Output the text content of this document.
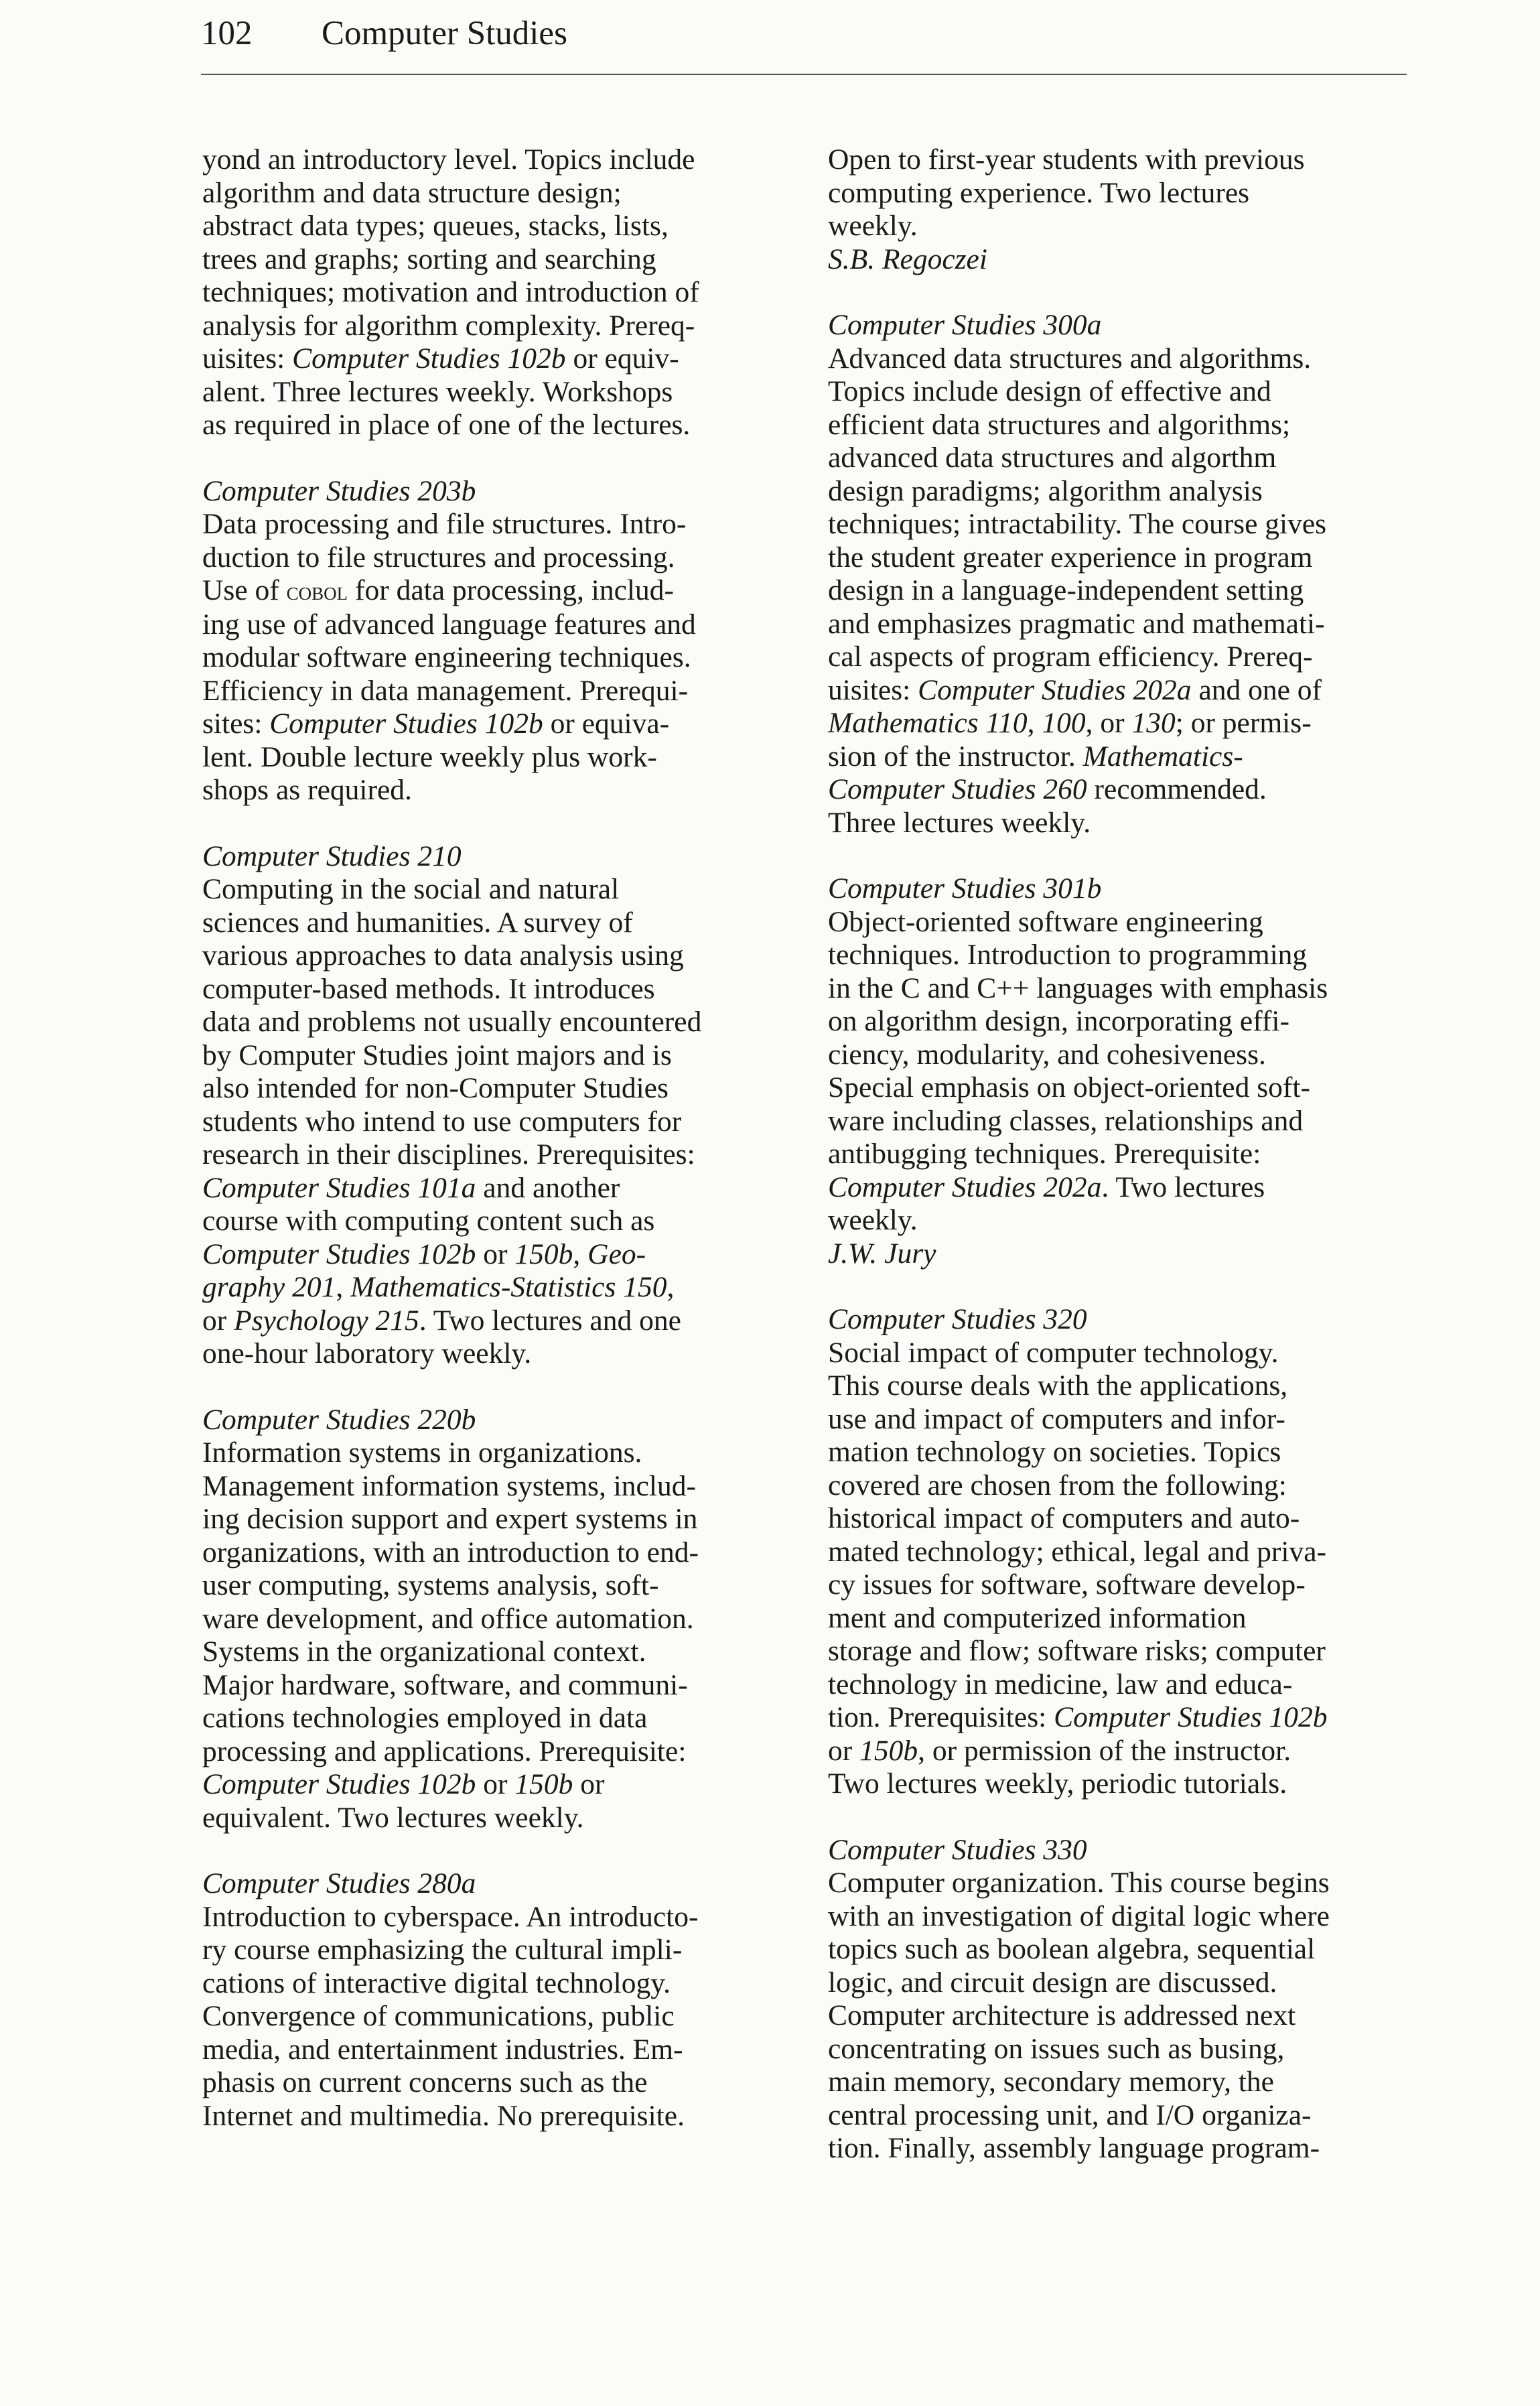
102 Computer Studies
yond an introductory level. Topics include
algorithm and data structure design;
abstract data types; queues, stacks, lists,
trees and graphs; sorting and searching
techniques; motivation and introduction of
analysis for algorithm complexity. Prereq-
uisites: Computer Studies 102b or equiv-
alent. Three lectures weekly. Workshops
as required in place of one of the lectures.
Computer Studies 203b
Data processing and file structures. Intro-
duction to file structures and processing.
Use of cobol for data processing, includ-
ing use of advanced language features and
modular software engineering techniques.
Efficiency in data management. Prerequi-
sites: Computer Studies 102b or equiva-
lent. Double lecture weekly plus work-
shops as required.
Computer Studies 210
Computing in the social and natural
sciences and humanities. A survey of
various approaches to data analysis using
computer-based methods. It introduces
data and problems not usually encountered
by Computer Studies joint majors and is
also intended for non-Computer Studies
students who intend to use computers for
research in their disciplines. Prerequisites:
Computer Studies 101a and another
course with computing content such as
Computer Studies 102b or 150b, Geo-
graphy 201, Mathematics-Statistics 150,
or Psychology 215. Two lectures and one
one-hour laboratory weekly.
Computer Studies 220b
Information systems in organizations.
Management information systems, includ-
ing decision support and expert systems in
organizations, with an introduction to end-
user computing, systems analysis, soft-
ware development, and office automation.
Systems in the organizational context.
Major hardware, software, and communi-
cations technologies employed in data
processing and applications. Prerequisite:
Computer Studies 102b or 150b or
equivalent. Two lectures weekly.
Computer Studies 280a
Introduction to cyberspace. An introducto-
ry course emphasizing the cultural impli-
cations of interactive digital technology.
Convergence of communications, public
media, and entertainment industries. Em-
phasis on current concerns such as the
Internet and multimedia. No prerequisite.
Open to first-year students with previous
computing experience. Two lectures
weekly.
S.B. Regoczei
Computer Studies 300a
Advanced data structures and algorithms.
Topics include design of effective and
efficient data structures and algorithms;
advanced data structures and algorthm
design paradigms; algorithm analysis
techniques; intractability. The course gives
the student greater experience in program
design in a language-independent setting
and emphasizes pragmatic and mathemati-
cal aspects of program efficiency. Prereq-
uisites: Computer Studies 202a and one of
Mathematics 110, 100, or 130; or permis-
sion of the instructor. Mathematics-
Computer Studies 260 recommended.
Three lectures weekly.
Computer Studies 301b
Object-oriented software engineering
techniques. Introduction to programming
in the C and C++ languages with emphasis
on algorithm design, incorporating effi-
ciency, modularity, and cohesiveness.
Special emphasis on object-oriented soft-
ware including classes, relationships and
antibugging techniques. Prerequisite:
Computer Studies 202a. Two lectures
weekly.
J.W. Jury
Computer Studies 320
Social impact of computer technology.
This course deals with the applications,
use and impact of computers and infor-
mation technology on societies. Topics
covered are chosen from the following:
historical impact of computers and auto-
mated technology; ethical, legal and priva-
cy issues for software, software develop-
ment and computerized information
storage and flow; software risks; computer
technology in medicine, law and educa-
tion. Prerequisites: Computer Studies 102b
or 150b, or permission of the instructor.
Two lectures weekly, periodic tutorials.
Computer Studies 330
Computer organization. This course begins
with an investigation of digital logic where
topics such as boolean algebra, sequential
logic, and circuit design are discussed.
Computer architecture is addressed next
concentrating on issues such as busing,
main memory, secondary memory, the
central processing unit, and I/O organiza-
tion. Finally, assembly language program-
